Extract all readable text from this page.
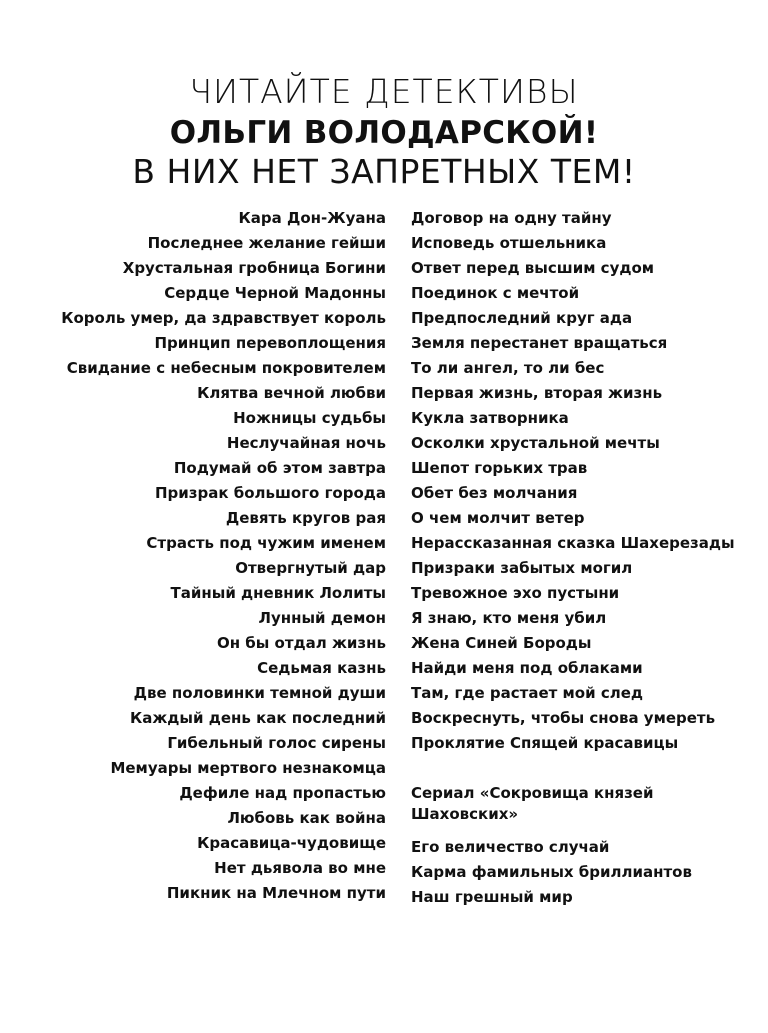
ЧИТАЙТЕ ДЕТЕКТИВЫ
ОЛЬГИ ВОЛОДАРСКОЙ!
В НИХ НЕТ ЗАПРЕТНЫХ ТЕМ!
Кара Дон-Жуана
Последнее желание гейши
Хрустальная гробница Богини
Сердце Черной Мадонны
Король умер, да здравствует король
Принцип перевоплощения
Свидание с небесным покровителем
Клятва вечной любви
Ножницы судьбы
Неслучайная ночь
Подумай об этом завтра
Призрак большого города
Девять кругов рая
Страсть под чужим именем
Отвергнутый дар
Тайный дневник Лолиты
Лунный демон
Он бы отдал жизнь
Седьмая казнь
Две половинки темной души
Каждый день как последний
Гибельный голос сирены
Мемуары мертвого незнакомца
Дефиле над пропастью
Любовь как война
Красавица-чудовище
Нет дьявола во мне
Пикник на Млечном пути
Договор на одну тайну
Исповедь отшельника
Ответ перед высшим судом
Поединок с мечтой
Предпоследний круг ада
Земля перестанет вращаться
То ли ангел, то ли бес
Первая жизнь, вторая жизнь
Кукла затворника
Осколки хрустальной мечты
Шепот горьких трав
Обет без молчания
О чем молчит ветер
Нерассказанная сказка Шахерезады
Призраки забытых могил
Тревожное эхо пустыни
Я знаю, кто меня убил
Жена Синей Бороды
Найди меня под облаками
Там, где растает мой след
Воскреснуть, чтобы снова умереть
Проклятие Спящей красавицы
Сериал «Сокровища князей Шаховских»
Его величество случай
Карма фамильных бриллиантов
Наш грешный мир
